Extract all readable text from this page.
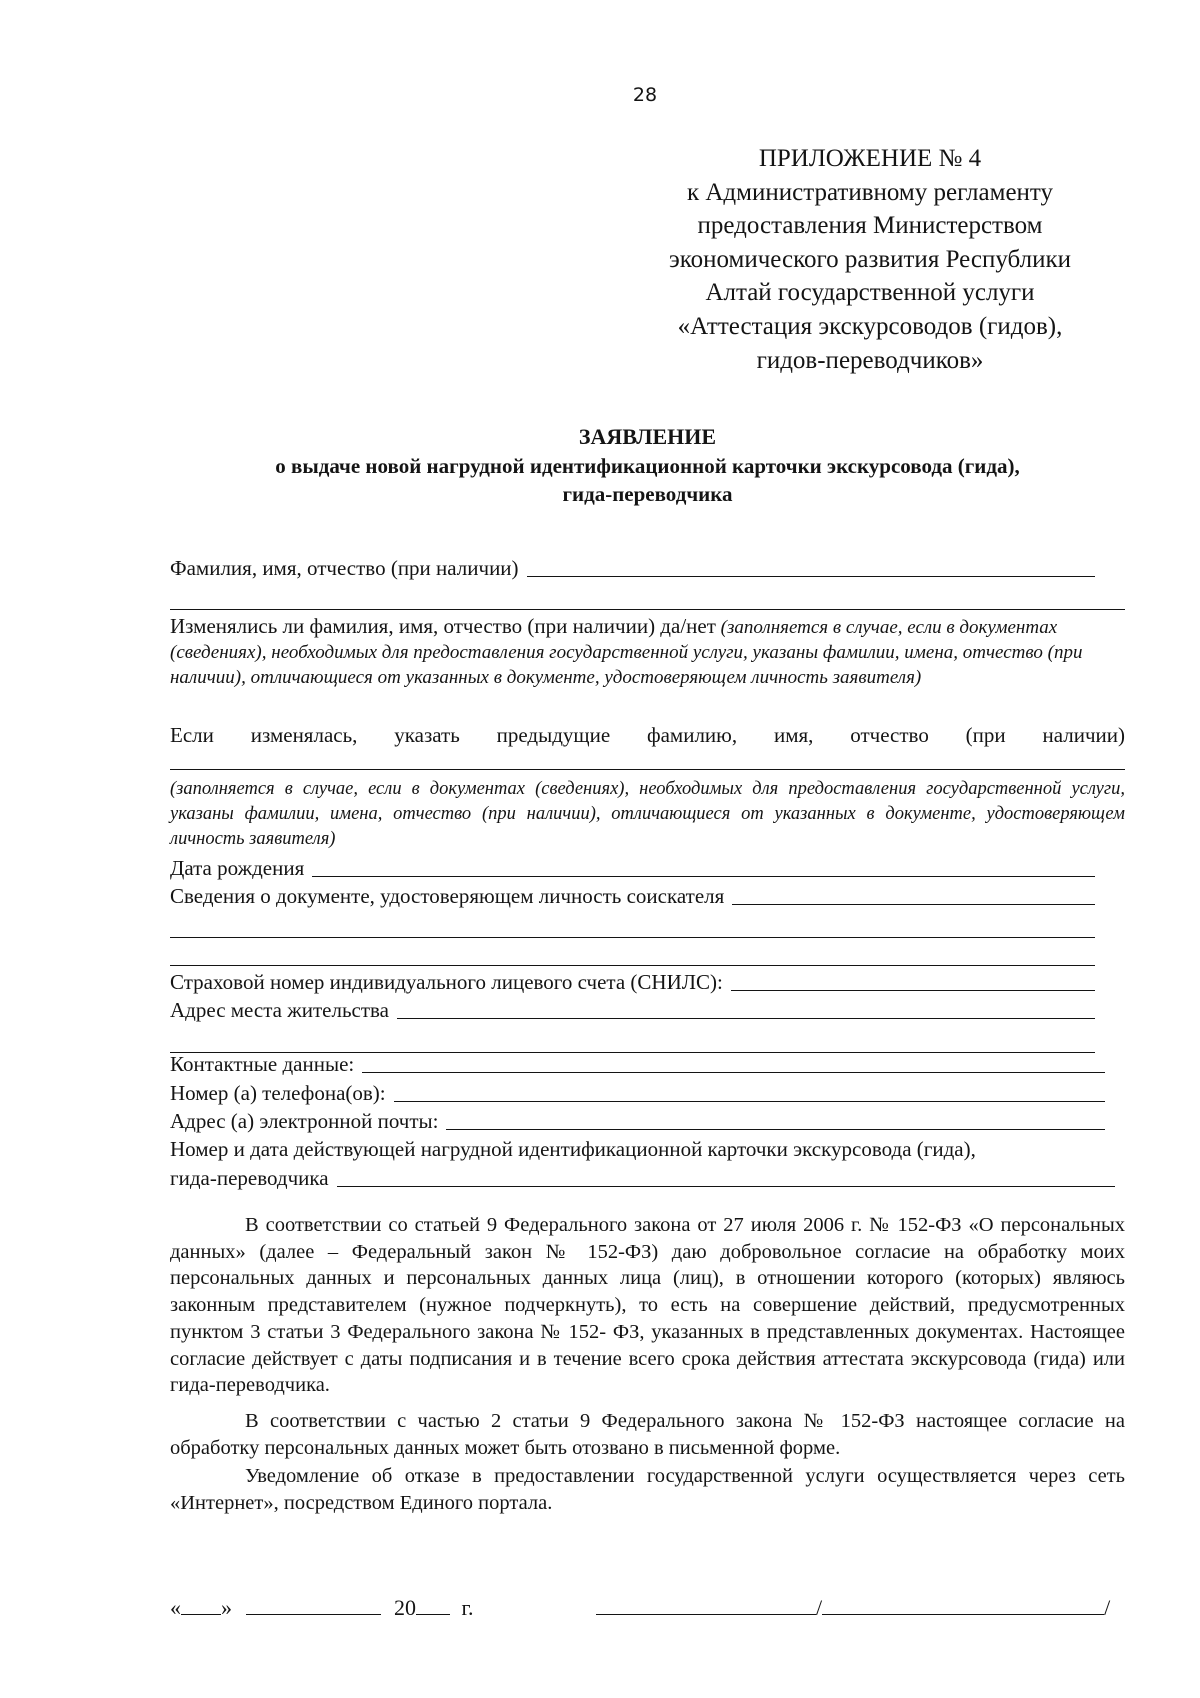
28
ПРИЛОЖЕНИЕ № 4
к Административному регламенту
предоставления Министерством
экономического развития Республики
Алтай государственной услуги
«Аттестация экскурсоводов (гидов),
гидов-переводчиков»
ЗАЯВЛЕНИЕ
о выдаче новой нагрудной идентификационной карточки экскурсовода (гида),
гида-переводчика
Фамилия, имя, отчество (при наличии)
Изменялись ли фамилия, имя, отчество (при наличии) да/нет (заполняется в случае, если в документах (сведениях), необходимых для предоставления государственной услуги, указаны фамилии, имена, отчество (при наличии), отличающиеся от указанных в документе, удостоверяющем личность заявителя)
Если изменялась, указать предыдущие фамилию, имя, отчество (при наличии)
(заполняется в случае, если в документах (сведениях), необходимых для предоставления государственной услуги, указаны фамилии, имена, отчество (при наличии), отличающиеся от указанных в документе, удостоверяющем личность заявителя)
Дата рождения
Сведения о документе, удостоверяющем личность соискателя
Страховой номер индивидуального лицевого счета (СНИЛС):
Адрес места жительства
Контактные данные:
Номер (а) телефона(ов):
Адрес (а) электронной почты:
Номер и дата действующей нагрудной идентификационной карточки экскурсовода (гида),
гида-переводчика
В соответствии со статьей 9 Федерального закона от 27 июля 2006 г. № 152-ФЗ «О персональных данных» (далее – Федеральный закон № 152-ФЗ) даю добровольное согласие на обработку моих персональных данных и персональных данных лица (лиц), в отношении которого (которых) являюсь законным представителем (нужное подчеркнуть), то есть на совершение действий, предусмотренных пунктом 3 статьи 3 Федерального закона № 152- ФЗ, указанных в представленных документах. Настоящее согласие действует с даты подписания и в течение всего срока действия аттестата экскурсовода (гида) или гида-переводчика.
В соответствии с частью 2 статьи 9 Федерального закона № 152-ФЗ настоящее согласие на обработку персональных данных может быть отозвано в письменной форме.
Уведомление об отказе в предоставлении государственной услуги осуществляется через сеть «Интернет», посредством Единого портала.
« »	20 г.	/	/
